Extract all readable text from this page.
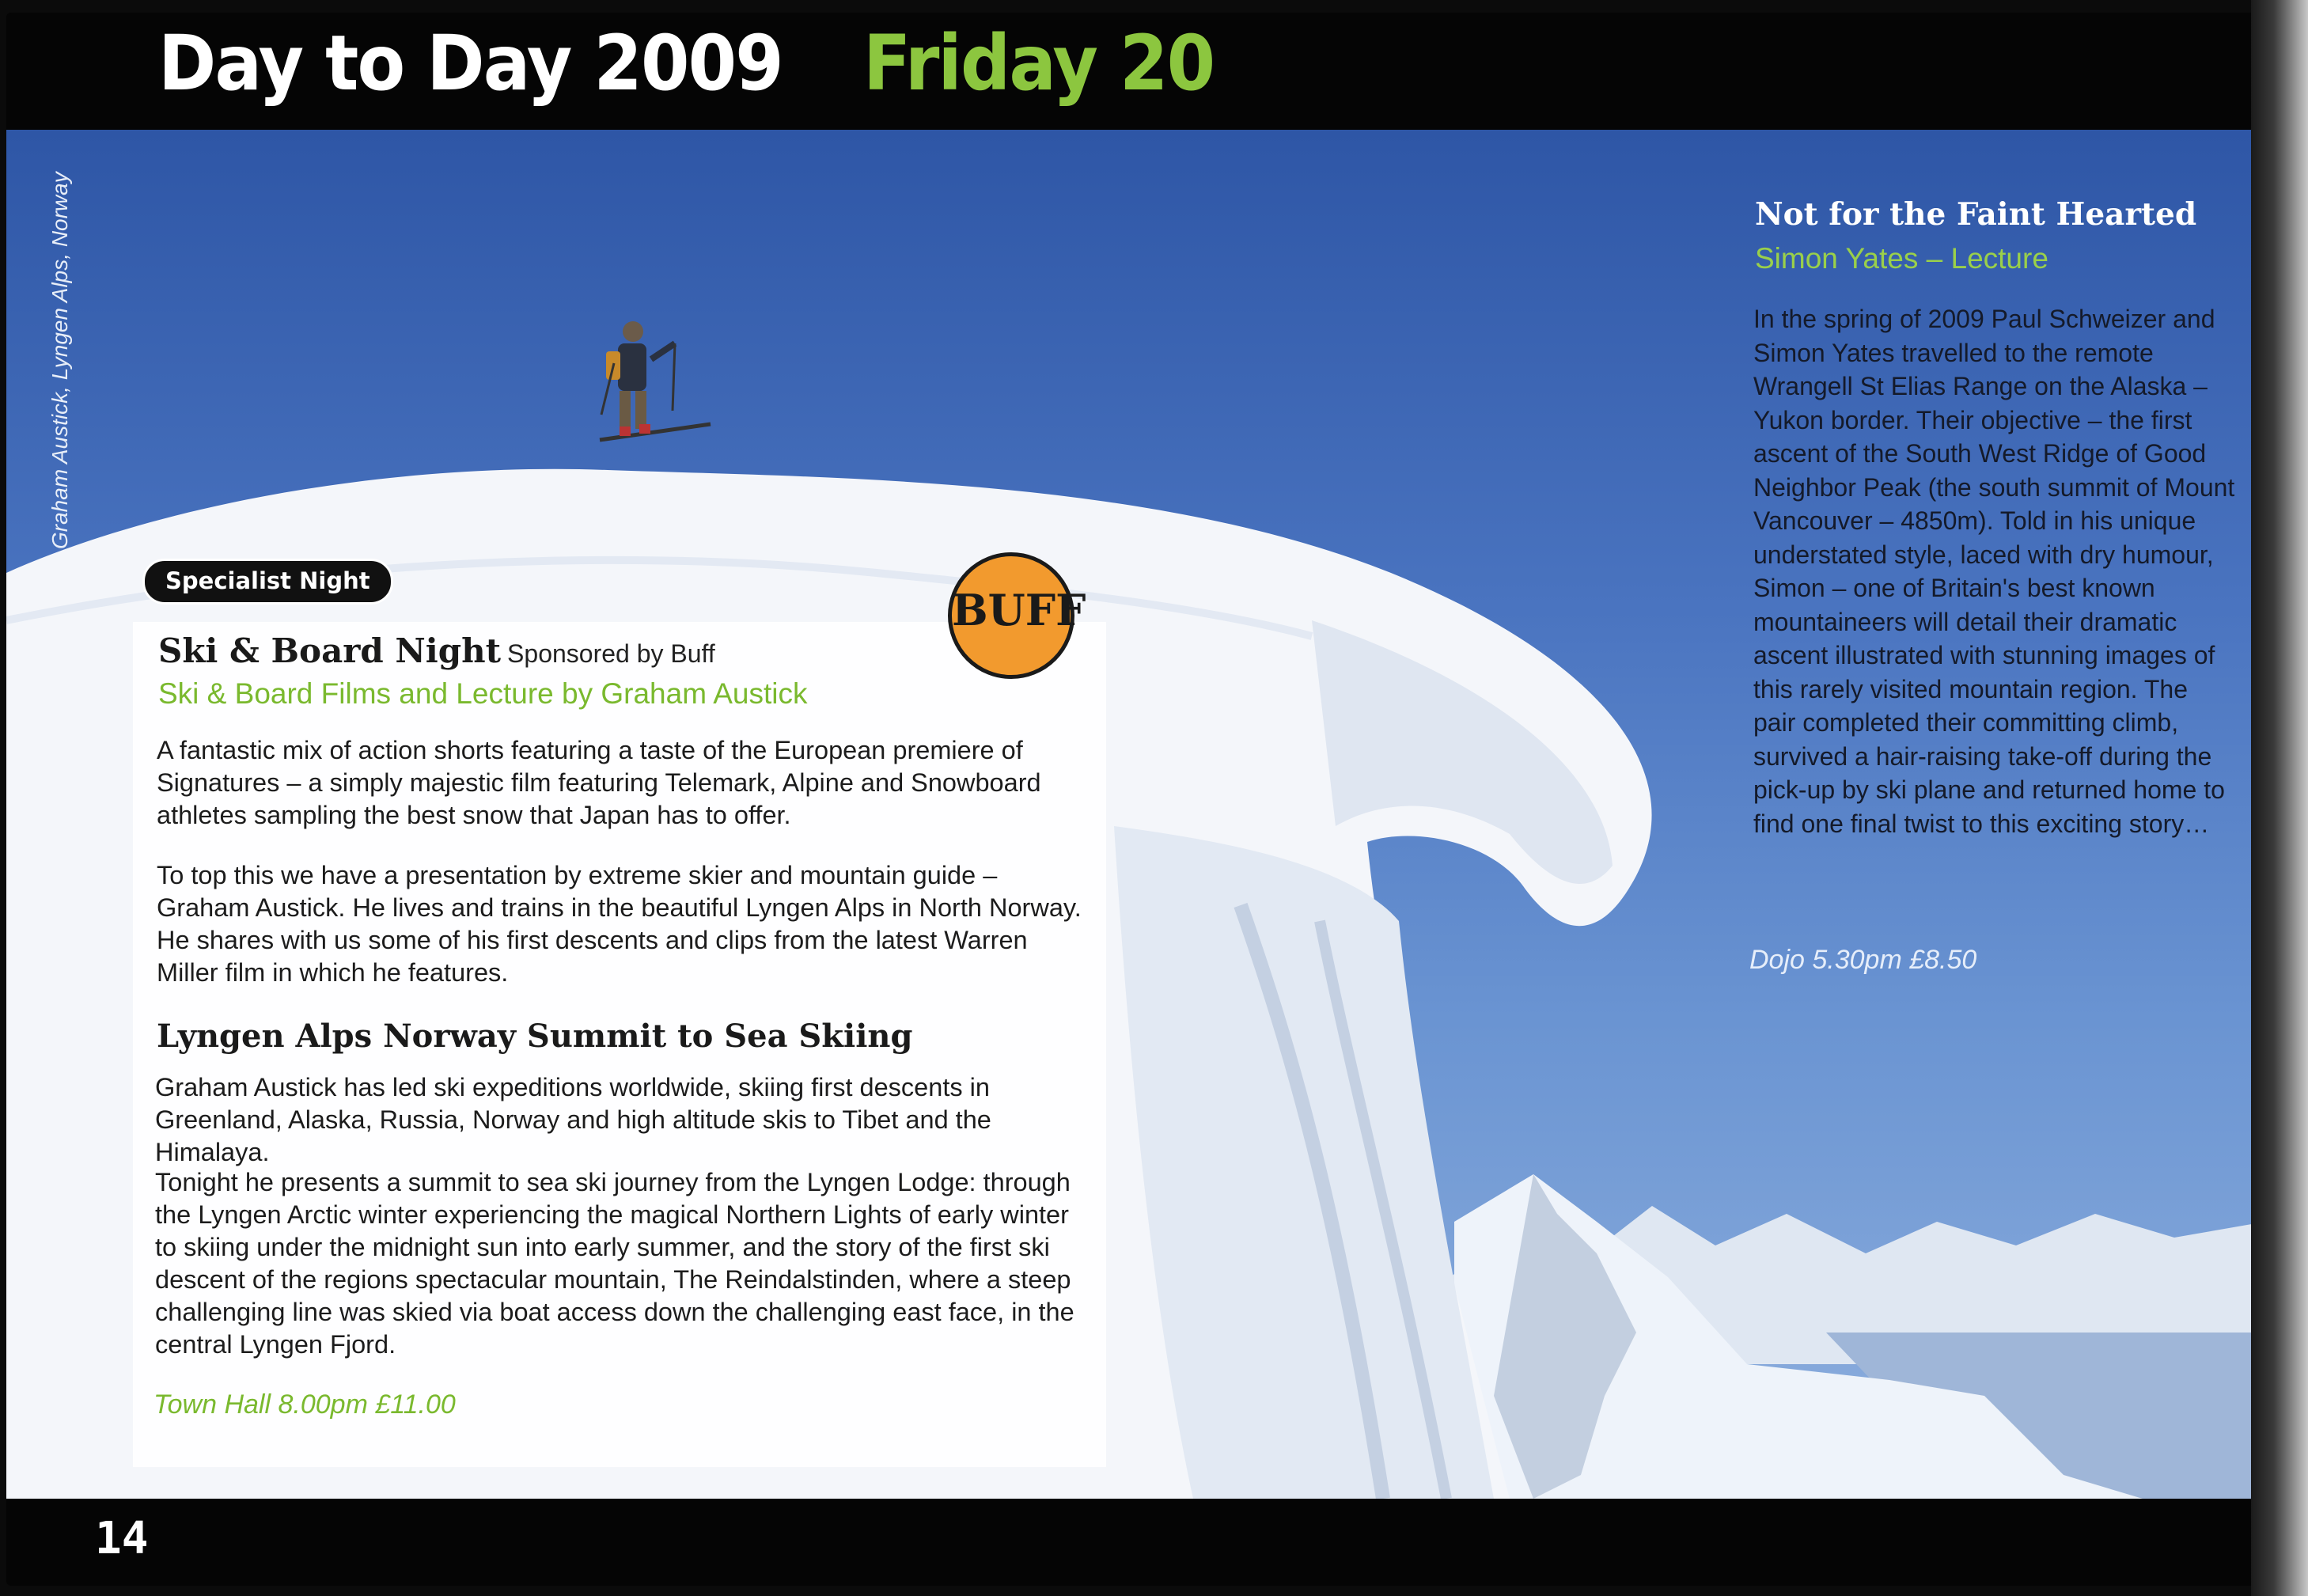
Graham Austick, Lyngen Alps, Norway
Day to Day 2009 Friday 20
Specialist Night
BUFF
Ski & Board Night Sponsored by Buff
Ski & Board Films and Lecture by Graham Austick
A fantastic mix of action shorts featuring a taste of the European premiere of Signatures – a simply majestic film featuring Telemark, Alpine and Snowboard athletes sampling the best snow that Japan has to offer.
To top this we have a presentation by extreme skier and mountain guide – Graham Austick. He lives and trains in the beautiful Lyngen Alps in North Norway. He shares with us some of his first descents and clips from the latest Warren Miller film in which he features.
Lyngen Alps Norway Summit to Sea Skiing
Graham Austick has led ski expeditions worldwide, skiing first descents in Greenland, Alaska, Russia, Norway and high altitude skis to Tibet and the Himalaya.
Tonight he presents a summit to sea ski journey from the Lyngen Lodge: through the Lyngen Arctic winter experiencing the magical Northern Lights of early winter to skiing under the midnight sun into early summer, and the story of the first ski descent of the regions spectacular mountain, The Reindalstinden, where a steep challenging line was skied via boat access down the challenging east face, in the central Lyngen Fjord.
Town Hall 8.00pm £11.00
Not for the Faint Hearted
Simon Yates – Lecture
In the spring of 2009 Paul Schweizer and Simon Yates travelled to the remote Wrangell St Elias Range on the Alaska – Yukon border. Their objective – the first ascent of the South West Ridge of Good Neighbor Peak (the south summit of Mount Vancouver – 4850m). Told in his unique understated style, laced with dry humour, Simon – one of Britain's best known mountaineers will detail their dramatic ascent illustrated with stunning images of this rarely visited mountain region. The pair completed their committing climb, survived a hair-raising take-off during the pick-up by ski plane and returned home to find one final twist to this exciting story…
Dojo 5.30pm £8.50
14
